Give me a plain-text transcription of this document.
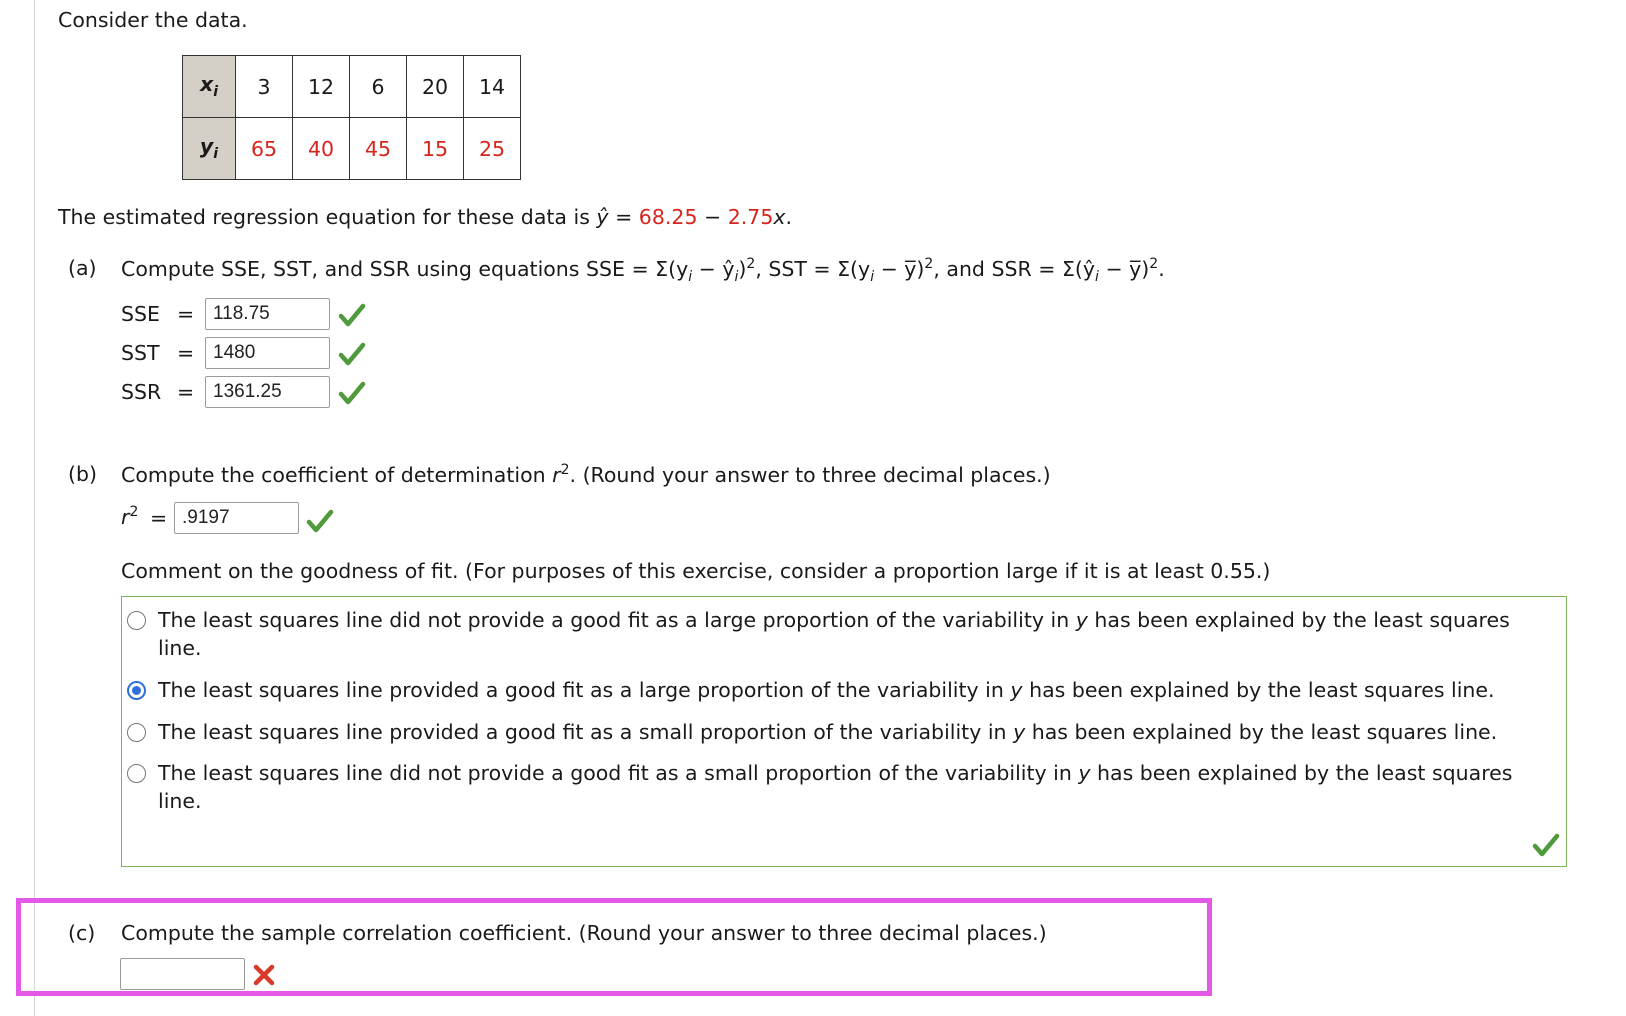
Consider the data.
$x_i$	3	12	6	20	14
$y_i$	65	40	45	15	25
The estimated regression equation for these data is ŷ = 68.25 − 2.75x.
(a) Compute SSE, SST, and SSR using equations SSE = $\Sigma(y_i$ − $ŷ_i)^2$, SST = $\Sigma(y_i$ − y̅)$^2$, and SSR = $\Sigma(ŷ_i$ − y̅)$^2$.
SSE = 118.75
SST = 1480
SSR = 1361.25
(b) Compute the coefficient of determination $r^2$. (Round your answer to three decimal places.)
$r^2 = .9197$
Comment on the goodness of fit. (For purposes of this exercise, consider a proportion large if it is at least 0.55.)
The least squares line did not provide a good fit as a large proportion of the variability in y has been explained by the least squares line.
The least squares line provided a good fit as a large proportion of the variability in y has been explained by the least squares line.
The least squares line provided a good fit as a small proportion of the variability in y has been explained by the least squares line.
The least squares line did not provide a good fit as a small proportion of the variability in y has been explained by the least squares line.
(c) Compute the sample correlation coefficient. (Round your answer to three decimal places.)
